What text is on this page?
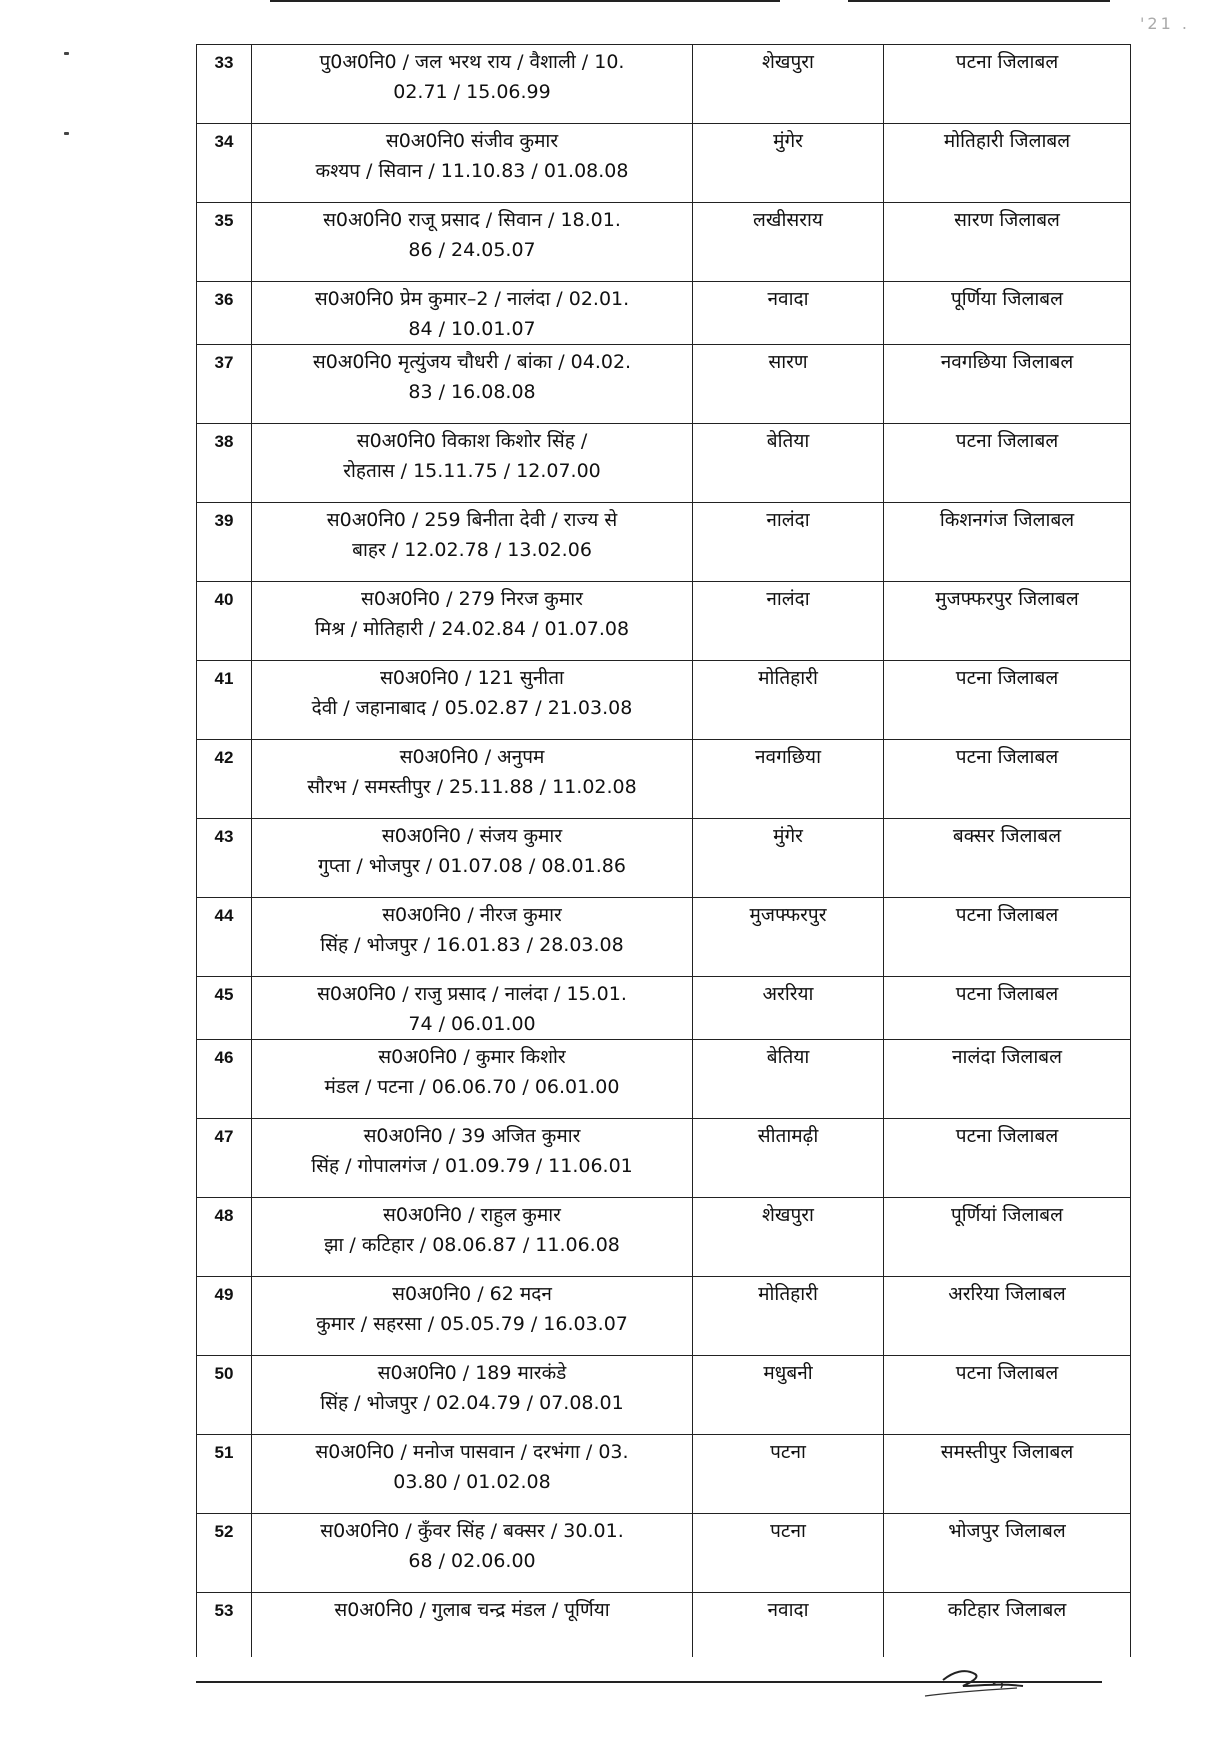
'21 .
33	पु0अ0नि0 / जल भरथ राय / वैशाली / 10.
02.71 / 15.06.99	शेखपुरा	पटना जिलाबल
34	स0अ0नि0 संजीव कुमार
कश्यप / सिवान / 11.10.83 / 01.08.08	मुंगेर	मोतिहारी जिलाबल
35	स0अ0नि0 राजू प्रसाद / सिवान / 18.01.
86 / 24.05.07	लखीसराय	सारण जिलाबल
36	स0अ0नि0 प्रेम कुमार–2 / नालंदा / 02.01.
84 / 10.01.07	नवादा	पूर्णिया जिलाबल
37	स0अ0नि0 मृत्युंजय चौधरी / बांका / 04.02.
83 / 16.08.08	सारण	नवगछिया जिलाबल
38	स0अ0नि0 विकाश किशोर सिंह /
रोहतास / 15.11.75 / 12.07.00	बेतिया	पटना जिलाबल
39	स0अ0नि0 / 259 बिनीता देवी / राज्य से
बाहर / 12.02.78 / 13.02.06	नालंदा	किशनगंज जिलाबल
40	स0अ0नि0 / 279 निरज कुमार
मिश्र / मोतिहारी / 24.02.84 / 01.07.08	नालंदा	मुजफ्फरपुर जिलाबल
41	स0अ0नि0 / 121 सुनीता
देवी / जहानाबाद / 05.02.87 / 21.03.08	मोतिहारी	पटना जिलाबल
42	स0अ0नि0 / अनुपम
सौरभ / समस्तीपुर / 25.11.88 / 11.02.08	नवगछिया	पटना जिलाबल
43	स0अ0नि0 / संजय कुमार
गुप्ता / भोजपुर / 01.07.08 / 08.01.86	मुंगेर	बक्सर जिलाबल
44	स0अ0नि0 / नीरज कुमार
सिंह / भोजपुर / 16.01.83 / 28.03.08	मुजफ्फरपुर	पटना जिलाबल
45	स0अ0नि0 / राजु प्रसाद / नालंदा / 15.01.
74 / 06.01.00	अररिया	पटना जिलाबल
46	स0अ0नि0 / कुमार किशोर
मंडल / पटना / 06.06.70 / 06.01.00	बेतिया	नालंदा जिलाबल
47	स0अ0नि0 / 39 अजित कुमार
सिंह / गोपालगंज / 01.09.79 / 11.06.01	सीतामढ़ी	पटना जिलाबल
48	स0अ0नि0 / राहुल कुमार
झा / कटिहार / 08.06.87 / 11.06.08	शेखपुरा	पूर्णियां जिलाबल
49	स0अ0नि0 / 62 मदन
कुमार / सहरसा / 05.05.79 / 16.03.07	मोतिहारी	अररिया जिलाबल
50	स0अ0नि0 / 189 मारकंडे
सिंह / भोजपुर / 02.04.79 / 07.08.01	मधुबनी	पटना जिलाबल
51	स0अ0नि0 / मनोज पासवान / दरभंगा / 03.
03.80 / 01.02.08	पटना	समस्तीपुर जिलाबल
52	स0अ0नि0 / कुँवर सिंह / बक्सर / 30.01.
68 / 02.06.00	पटना	भोजपुर जिलाबल
53	स0अ0नि0 / गुलाब चन्द्र मंडल / पूर्णिया	नवादा	कटिहार जिलाबल
